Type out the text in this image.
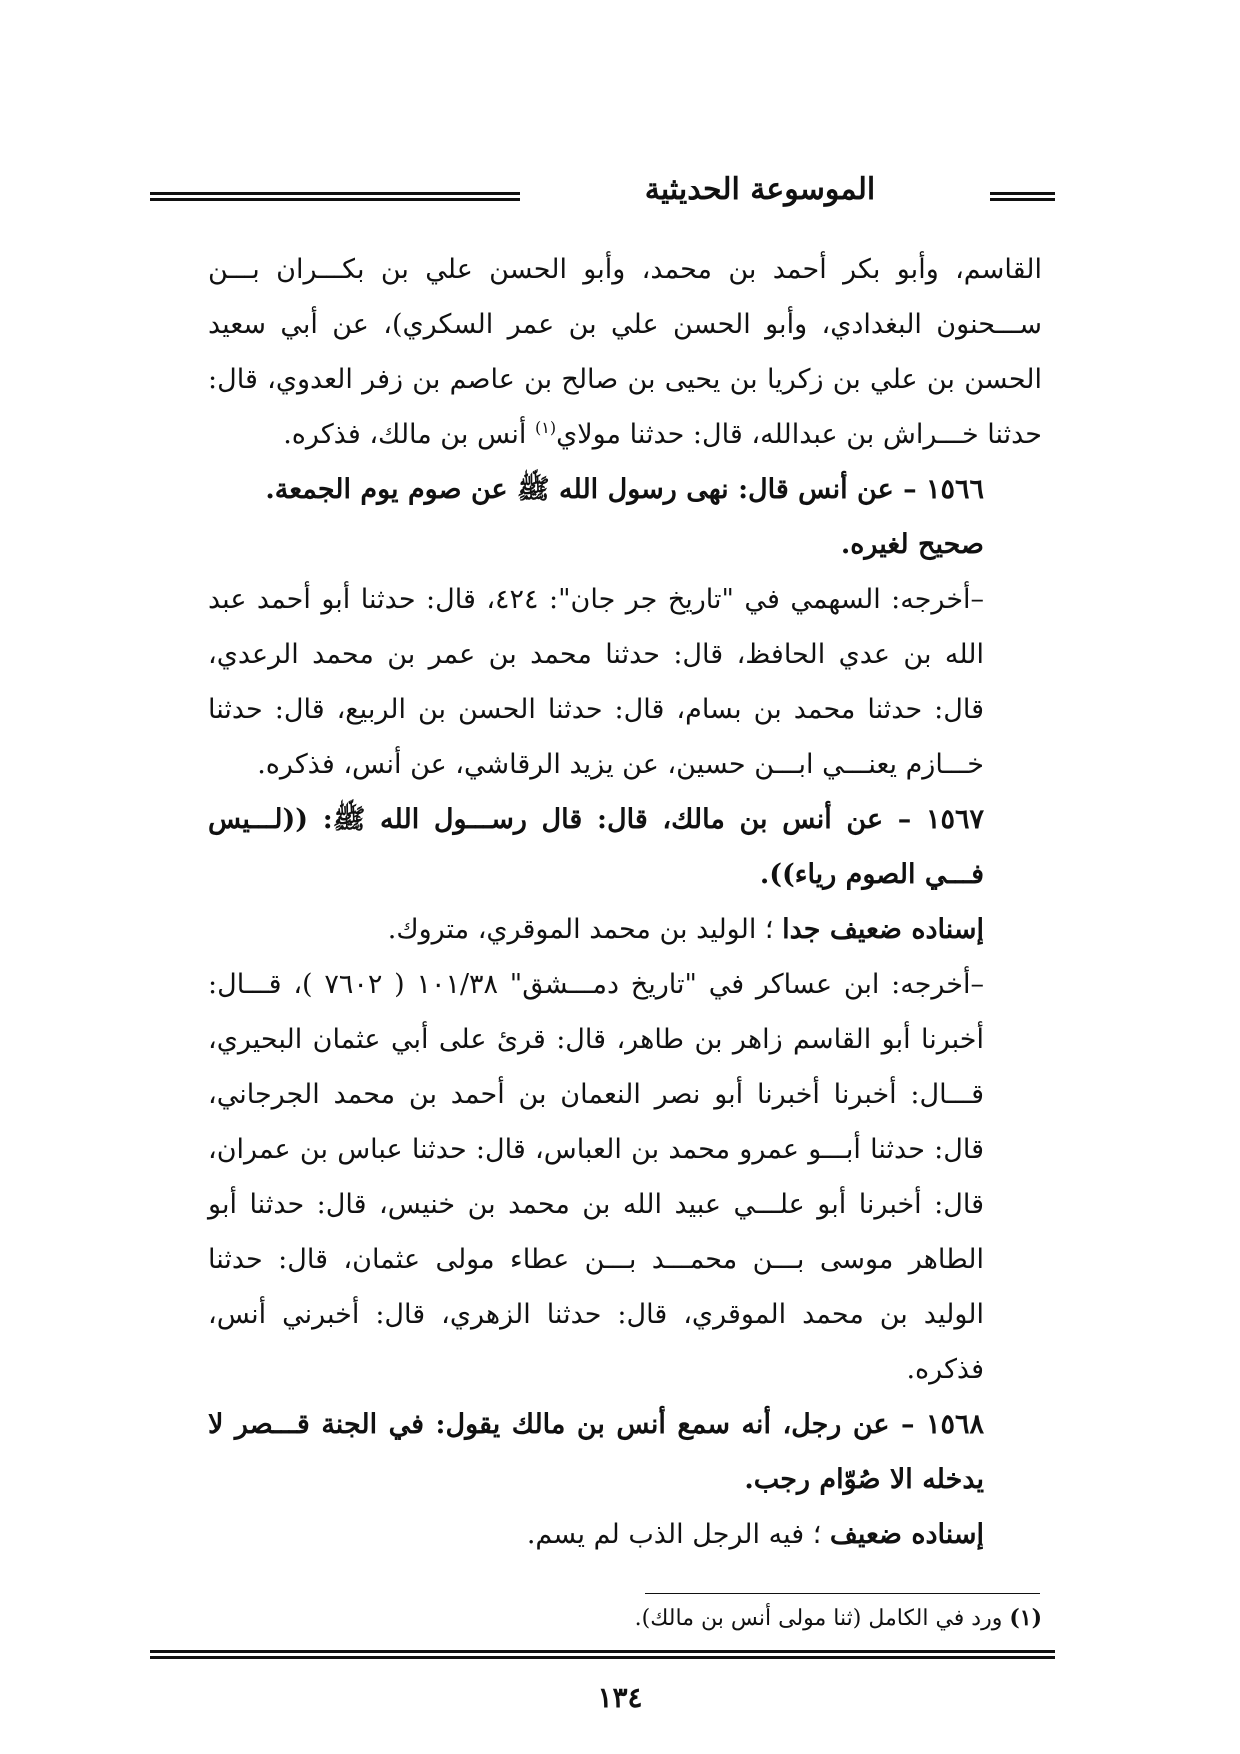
الموسوعة الحديثية

القاسم، وأبو بكر أحمد بن محمد، وأبو الحسن علي بن بكـــران بـــن ســـحنون البغدادي، وأبو الحسن علي بن عمر السكري)، عن أبي سعيد الحسن بن علي بن زكريا بن يحيى بن صالح بن عاصم بن زفر العدوي، قال: حدثنا خـــراش بن عبدالله، قال: حدثنا مولاي$^{(١)}$ أنس بن مالك، فذكره.

١٥٦٦ – عن أنس قال: نهى رسول الله ﷺ عن صوم يوم الجمعة.

صحيح لغيره.

–أخرجه: السهمي في "تاريخ جر جان": ٤٢٤، قال: حدثنا أبو أحمد عبد الله بن عدي الحافظ، قال: حدثنا محمد بن عمر بن محمد الرعدي، قال: حدثنا محمد بن بسام، قال: حدثنا الحسن بن الربيع، قال: حدثنا خـــازم يعنـــي ابـــن حسين، عن يزيد الرقاشي، عن أنس، فذكره.

١٥٦٧ – عن أنس بن مالك، قال: قال رســـول الله ﷺ: ((لـــيس فـــي الصوم رياء)).

إسناده ضعيف جدا ؛ الوليد بن محمد الموقري، متروك.

–أخرجه: ابن عساكر في "تاريخ دمـــشق" ١٠١/٣٨ ( ٧٦٠٢ )، قـــال: أخبرنا أبو القاسم زاهر بن طاهر، قال: قرئ على أبي عثمان البحيري، قـــال: أخبرنا أخبرنا أبو نصر النعمان بن أحمد بن محمد الجرجاني، قال: حدثنا أبـــو عمرو محمد بن العباس، قال: حدثنا عباس بن عمران، قال: أخبرنا أبو علـــي عبيد الله بن محمد بن خنيس، قال: حدثنا أبو الطاهر موسى بـــن محمـــد بـــن عطاء مولى عثمان، قال: حدثنا الوليد بن محمد الموقري، قال: حدثنا الزهري، قال: أخبرني أنس، فذكره.

١٥٦٨ – عن رجل، أنه سمع أنس بن مالك يقول: في الجنة قـــصر لا يدخله الا صُوّام رجب.

إسناده ضعيف ؛ فيه الرجل الذب لم يسم.

(١) ورد في الكامل (ثنا مولى أنس بن مالك).
١٣٤
